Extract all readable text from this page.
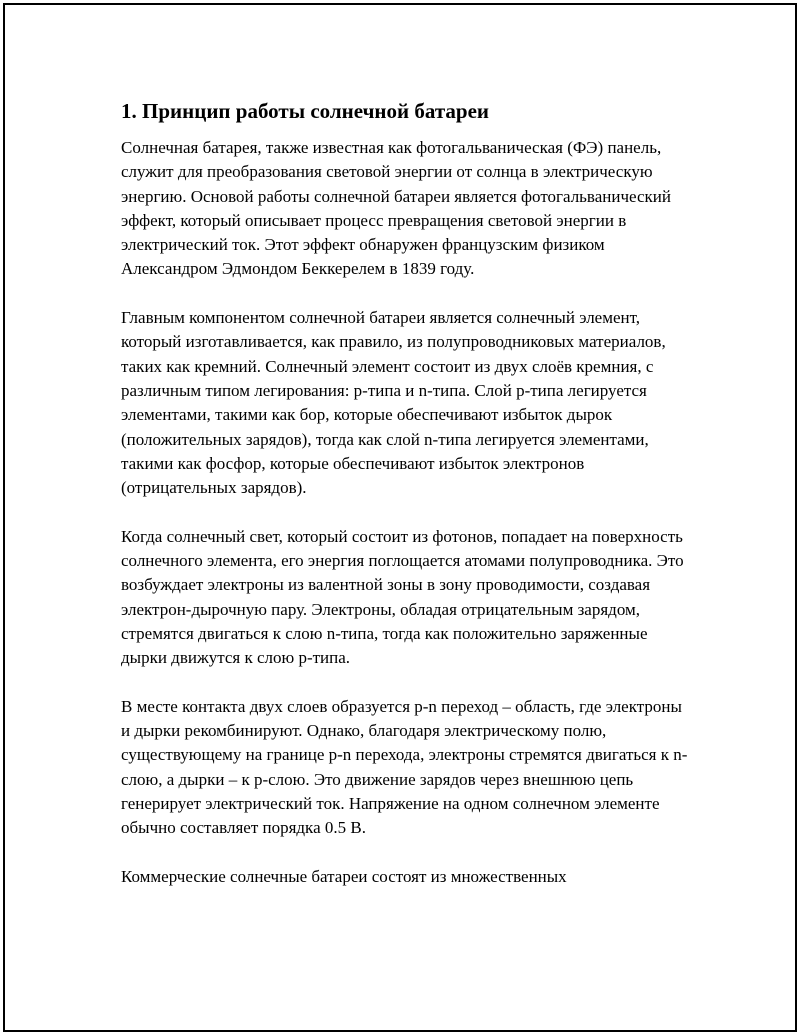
1. Принцип работы солнечной батареи

Солнечная батарея, также известная как фотогальваническая (ФЭ) панель, служит для преобразования световой энергии от солнца в электрическую энергию. Основой работы солнечной батареи является фотогальванический эффект, который описывает процесс превращения световой энергии в электрический ток. Этот эффект обнаружен французским физиком Александром Эдмондом Беккерелем в 1839 году.

Главным компонентом солнечной батареи является солнечный элемент, который изготавливается, как правило, из полупроводниковых материалов, таких как кремний. Солнечный элемент состоит из двух слоёв кремния, с различным типом легирования: p-типа и n-типа. Слой p-типа легируется элементами, такими как бор, которые обеспечивают избыток дырок (положительных зарядов), тогда как слой n-типа легируется элементами, такими как фосфор, которые обеспечивают избыток электронов (отрицательных зарядов).

Когда солнечный свет, который состоит из фотонов, попадает на поверхность солнечного элемента, его энергия поглощается атомами полупроводника. Это возбуждает электроны из валентной зоны в зону проводимости, создавая электрон-дырочную пару. Электроны, обладая отрицательным зарядом, стремятся двигаться к слою n-типа, тогда как положительно заряженные дырки движутся к слою p-типа.

В месте контакта двух слоев образуется p-n переход – область, где электроны и дырки рекомбинируют. Однако, благодаря электрическому полю, существующему на границе p-n перехода, электроны стремятся двигаться к n-слою, а дырки – к p-слою. Это движение зарядов через внешнюю цепь генерирует электрический ток. Напряжение на одном солнечном элементе обычно составляет порядка 0.5 В.

Коммерческие солнечные батареи состоят из множественных
